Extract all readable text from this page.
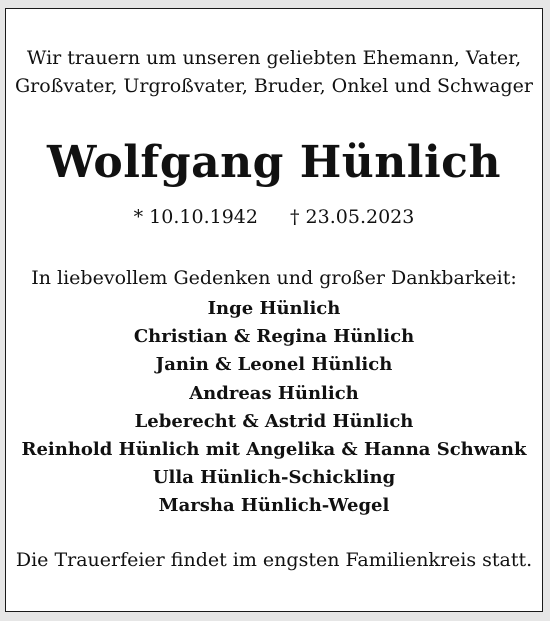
Wir trauern um unseren geliebten Ehemann, Vater,
Großvater, Urgroßvater, Bruder, Onkel und Schwager
Wolfgang Hünlich
* 10.10.1942 † 23.05.2023
In liebevollem Gedenken und großer Dankbarkeit:
Inge Hünlich
Christian & Regina Hünlich
Janin & Leonel Hünlich
Andreas Hünlich
Leberecht & Astrid Hünlich
Reinhold Hünlich mit Angelika & Hanna Schwank
Ulla Hünlich-Schickling
Marsha Hünlich-Wegel
Die Trauerfeier findet im engsten Familienkreis statt.
